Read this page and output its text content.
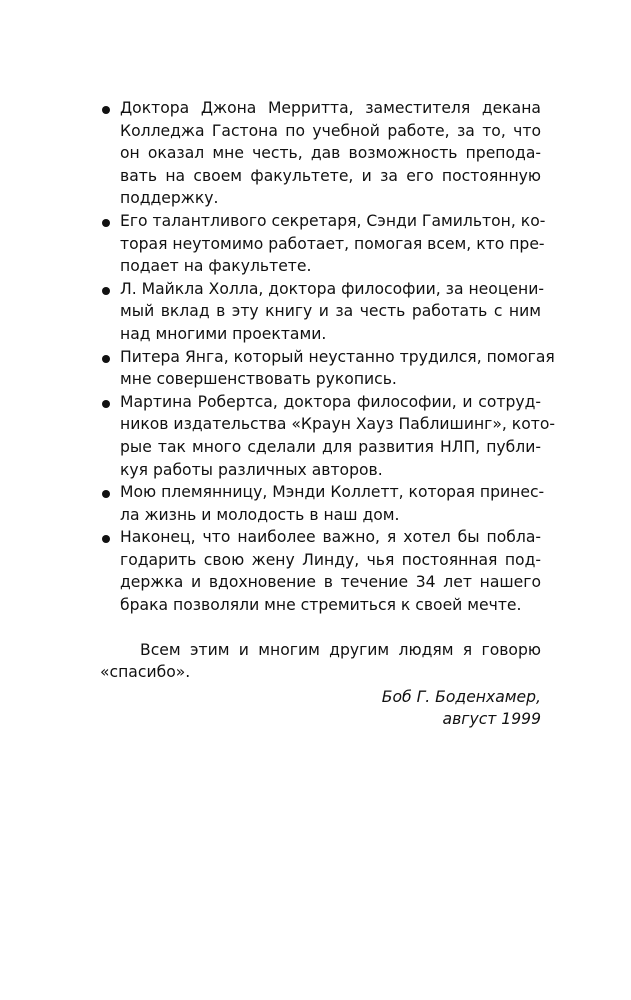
Доктора Джона Мерритта, заместителя декана
Колледжа Гастона по учебной работе, за то, что
он оказал мне честь, дав возможность препода-
вать на своем факультете, и за его постоянную
поддержку.
Его талантливого секретаря, Сэнди Гамильтон, ко-
торая неутомимо работает, помогая всем, кто пре-
подает на факультете.
Л. Майкла Холла, доктора философии, за неоцени-
мый вклад в эту книгу и за честь работать с ним
над многими проектами.
Питера Янга, который неустанно трудился, помогая
мне совершенствовать рукопись.
Мартина Робертса, доктора философии, и сотруд-
ников издательства «Краун Хауз Паблишинг», кото-
рые так много сделали для развития НЛП, публи-
куя работы различных авторов.
Мою племянницу, Мэнди Коллетт, которая принес-
ла жизнь и молодость в наш дом.
Наконец, что наиболее важно, я хотел бы побла-
годарить свою жену Линду, чья постоянная под-
держка и вдохновение в течение 34 лет нашего
брака позволяли мне стремиться к своей мечте.
Всем этим и многим другим людям я говорю
«спасибо».
Боб Г. Боденхамер,
август 1999
